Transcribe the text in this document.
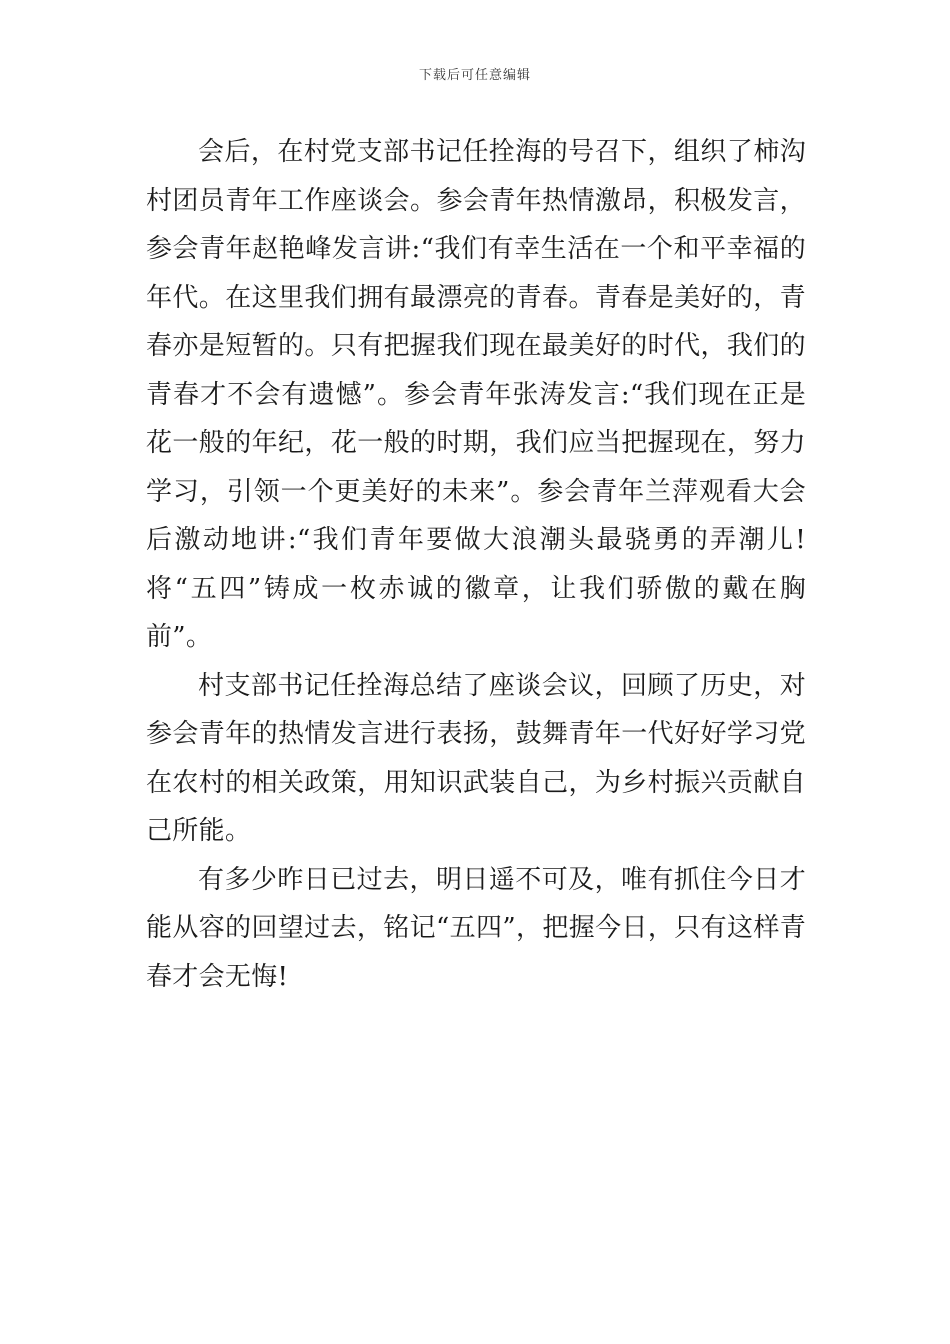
下载后可任意编辑

会后，在村党支部书记任拴海的号召下，组织了柿沟村团员青年工作座谈会。参会青年热情激昂，积极发言，参会青年赵艳峰发言讲:“我们有幸生活在一个和平幸福的年代。在这里我们拥有最漂亮的青春。青春是美好的，青春亦是短暂的。只有把握我们现在最美好的时代，我们的青春才不会有遗憾”。参会青年张涛发言:“我们现在正是花一般的年纪，花一般的时期，我们应当把握现在，努力学习，引领一个更美好的未来”。参会青年兰萍观看大会后激动地讲:“我们青年要做大浪潮头最骁勇的弄潮儿!将“五四”铸成一枚赤诚的徽章，让我们骄傲的戴在胸前”。

村支部书记任拴海总结了座谈会议，回顾了历史，对参会青年的热情发言进行表扬，鼓舞青年一代好好学习党在农村的相关政策，用知识武装自己，为乡村振兴贡献自己所能。

有多少昨日已过去，明日遥不可及，唯有抓住今日才能从容的回望过去，铭记“五四”，把握今日，只有这样青春才会无悔!
